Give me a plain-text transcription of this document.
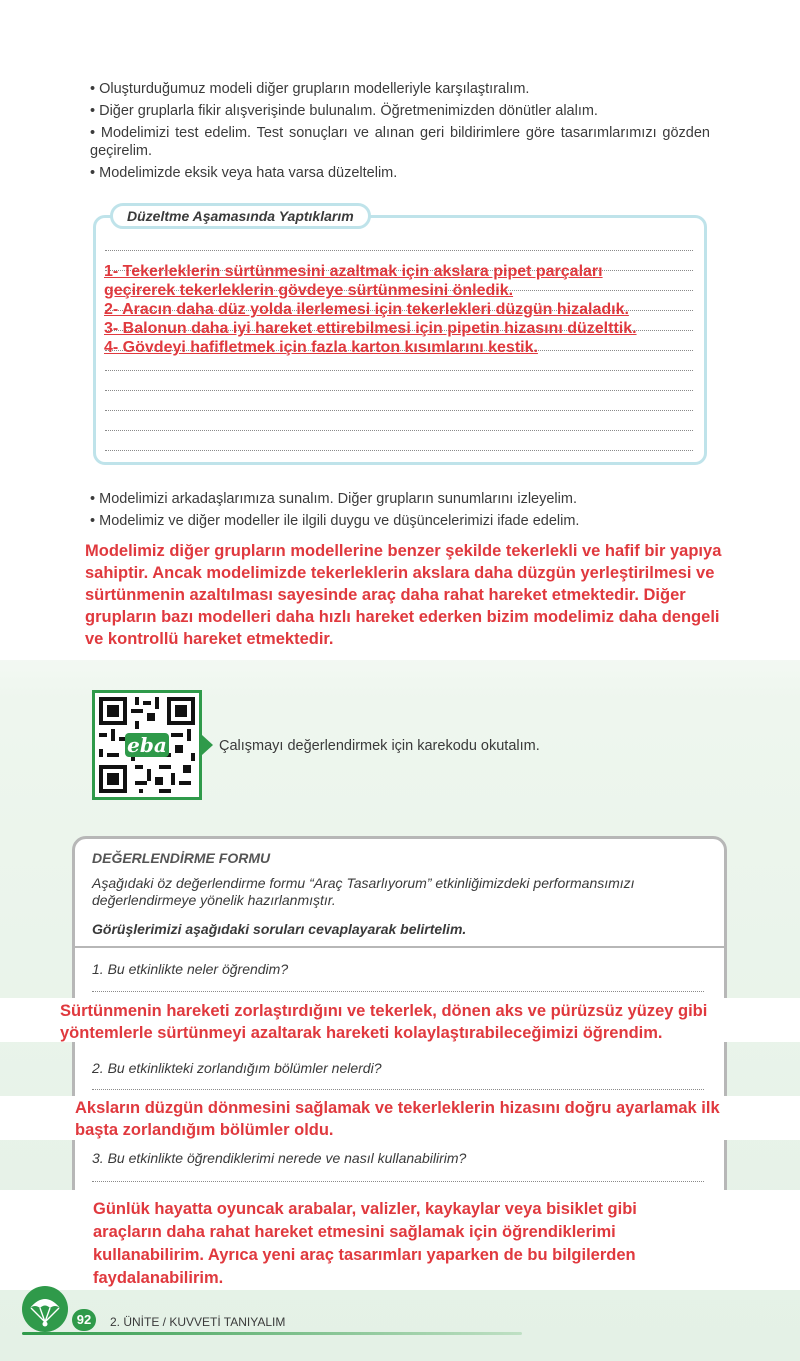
• Oluşturduğumuz modeli diğer grupların modelleriyle karşılaştıralım.
• Diğer gruplarla fikir alışverişinde bulunalım. Öğretmenimizden dönütler alalım.
• Modelimizi test edelim. Test sonuçları ve alınan geri bildirimlere göre tasarımlarımızı gözden geçirelim.
• Modelimizde eksik veya hata varsa düzeltelim.
Düzeltme Aşamasında Yaptıklarım
1- Tekerleklerin sürtünmesini azaltmak için akslara pipet parçaları
geçirerek tekerleklerin gövdeye sürtünmesini önledik.
2- Aracın daha düz yolda ilerlemesi için tekerlekleri düzgün hizaladık.
3- Balonun daha iyi hareket ettirebilmesi için pipetin hizasını düzelttik.
4- Gövdeyi hafifletmek için fazla karton kısımlarını kestik.
• Modelimizi arkadaşlarımıza sunalım. Diğer grupların sunumlarını izleyelim.
• Modelimiz ve diğer modeller ile ilgili duygu ve düşüncelerimizi ifade edelim.
Modelimiz diğer grupların modellerine benzer şekilde tekerlekli ve hafif bir yapıya sahiptir. Ancak modelimizde tekerleklerin akslara daha düzgün yerleştirilmesi ve sürtünmenin azaltılması sayesinde araç daha rahat hareket etmektedir. Diğer grupların bazı modelleri daha hızlı hareket ederken bizim modelimiz daha dengeli ve kontrollü hareket etmektedir.
eba	Çalışmayı değerlendirmek için karekodu okutalım.
DEĞERLENDİRME FORMU
Aşağıdaki öz değerlendirme formu “Araç Tasarlıyorum” etkinliğimizdeki performansımızı değerlendirmeye yönelik hazırlanmıştır.
Görüşlerimizi aşağıdaki soruları cevaplayarak belirtelim.
1. Bu etkinlikte neler öğrendim?
Sürtünmenin hareketi zorlaştırdığını ve tekerlek, dönen aks ve pürüzsüz yüzey gibi yöntemlerle sürtünmeyi azaltarak hareketi kolaylaştırabileceğimizi öğrendim.
2. Bu etkinlikteki zorlandığım bölümler nelerdi?
Aksların düzgün dönmesini sağlamak ve tekerleklerin hizasını doğru ayarlamak ilk başta zorlandığım bölümler oldu.
3. Bu etkinlikte öğrendiklerimi nerede ve nasıl kullanabilirim?
Günlük hayatta oyuncak arabalar, valizler, kaykaylar veya bisiklet gibi araçların daha rahat hareket etmesini sağlamak için öğrendiklerimi kullanabilirim. Ayrıca yeni araç tasarımları yaparken de bu bilgilerden faydalanabilirim.
92	2. ÜNİTE / KUVVETİ TANIYALIM
